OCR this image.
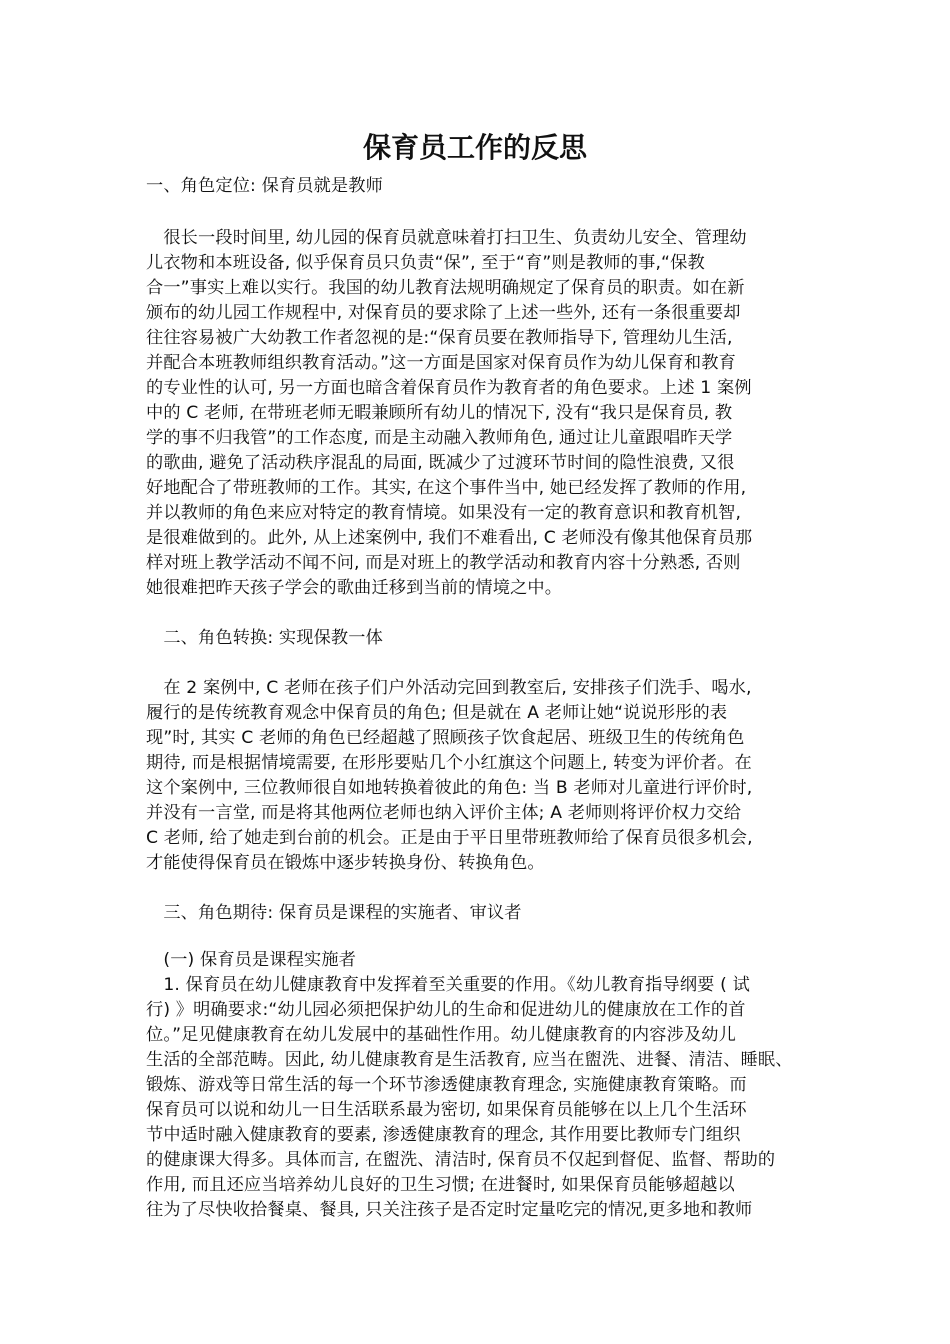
保育员工作的反思

一、角色定位: 保育员就是教师

　很长一段时间里, 幼儿园的保育员就意味着打扫卫生、负责幼儿安全、管理幼

儿衣物和本班设备, 似乎保育员只负责“保”, 至于“育”则是教师的事,“保教

合一”事实上难以实行。我国的幼儿教育法规明确规定了保育员的职责。如在新

颁布的幼儿园工作规程中, 对保育员的要求除了上述一些外, 还有一条很重要却

往往容易被广大幼教工作者忽视的是:“保育员要在教师指导下, 管理幼儿生活,

并配合本班教师组织教育活动。”这一方面是国家对保育员作为幼儿保育和教育

的专业性的认可, 另一方面也暗含着保育员作为教育者的角色要求。上述 1 案例

中的 C 老师, 在带班老师无暇兼顾所有幼儿的情况下, 没有“我只是保育员, 教

学的事不归我管”的工作态度, 而是主动融入教师角色, 通过让儿童跟唱昨天学

的歌曲, 避免了活动秩序混乱的局面, 既减少了过渡环节时间的隐性浪费, 又很

好地配合了带班教师的工作。其实, 在这个事件当中, 她已经发挥了教师的作用,

并以教师的角色来应对特定的教育情境。如果没有一定的教育意识和教育机智,

是很难做到的。此外, 从上述案例中, 我们不难看出, C 老师没有像其他保育员那

样对班上教学活动不闻不问, 而是对班上的教学活动和教育内容十分熟悉, 否则

她很难把昨天孩子学会的歌曲迁移到当前的情境之中。

　二、角色转换: 实现保教一体

　在 2 案例中, C 老师在孩子们户外活动完回到教室后, 安排孩子们洗手、喝水,

履行的是传统教育观念中保育员的角色; 但是就在 A 老师让她“说说形彤的表

现”时, 其实 C 老师的角色已经超越了照顾孩子饮食起居、班级卫生的传统角色

期待, 而是根据情境需要, 在形彤要贴几个小红旗这个问题上, 转变为评价者。在

这个案例中, 三位教师很自如地转换着彼此的角色: 当 B 老师对儿童进行评价时,

并没有一言堂, 而是将其他两位老师也纳入评价主体; A 老师则将评价权力交给

C 老师, 给了她走到台前的机会。正是由于平日里带班教师给了保育员很多机会,

才能使得保育员在锻炼中逐步转换身份、转换角色。

　三、角色期待: 保育员是课程的实施者、审议者

　(一) 保育员是课程实施者

　1. 保育员在幼儿健康教育中发挥着至关重要的作用。《幼儿教育指导纲要 ( 试

行) 》明确要求:“幼儿园必须把保护幼儿的生命和促进幼儿的健康放在工作的首

位。”足见健康教育在幼儿发展中的基础性作用。幼儿健康教育的内容涉及幼儿

生活的全部范畴。因此, 幼儿健康教育是生活教育, 应当在盥洗、进餐、清洁、睡眠、

锻炼、游戏等日常生活的每一个环节渗透健康教育理念, 实施健康教育策略。而

保育员可以说和幼儿一日生活联系最为密切, 如果保育员能够在以上几个生活环

节中适时融入健康教育的要素, 渗透健康教育的理念, 其作用要比教师专门组织

的健康课大得多。具体而言, 在盥洗、清洁时, 保育员不仅起到督促、监督、帮助的

作用, 而且还应当培养幼儿良好的卫生习惯; 在进餐时, 如果保育员能够超越以

往为了尽快收拾餐桌、餐具, 只关注孩子是否定时定量吃完的情况,更多地和教师
